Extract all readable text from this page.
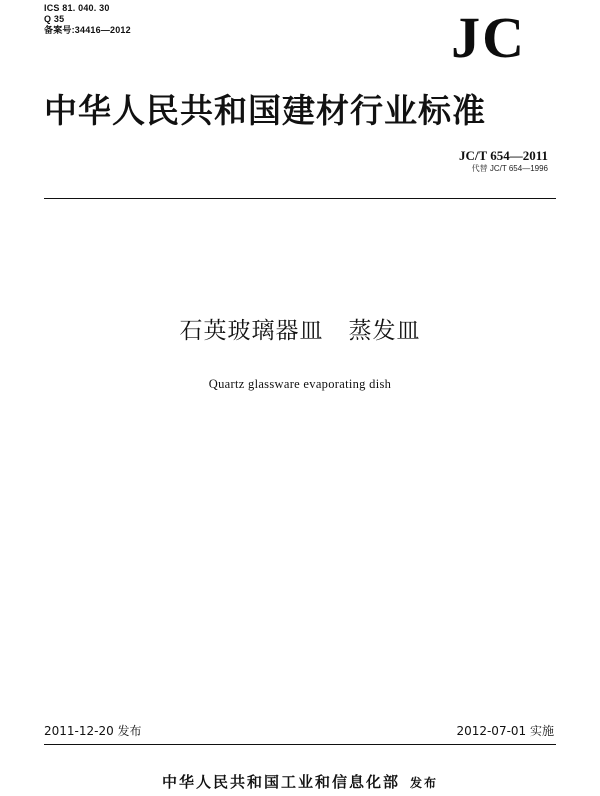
ICS 81. 040. 30
Q 35
备案号:34416—2012	JC
中华人民共和国建材行业标准
JC/T 654—2011
代替 JC/T 654—1996
石英玻璃器皿   蒸发皿
Quartz glassware evaporating dish
2011-12-20 发布	2012-07-01 实施
中华人民共和国工业和信息化部 发布
